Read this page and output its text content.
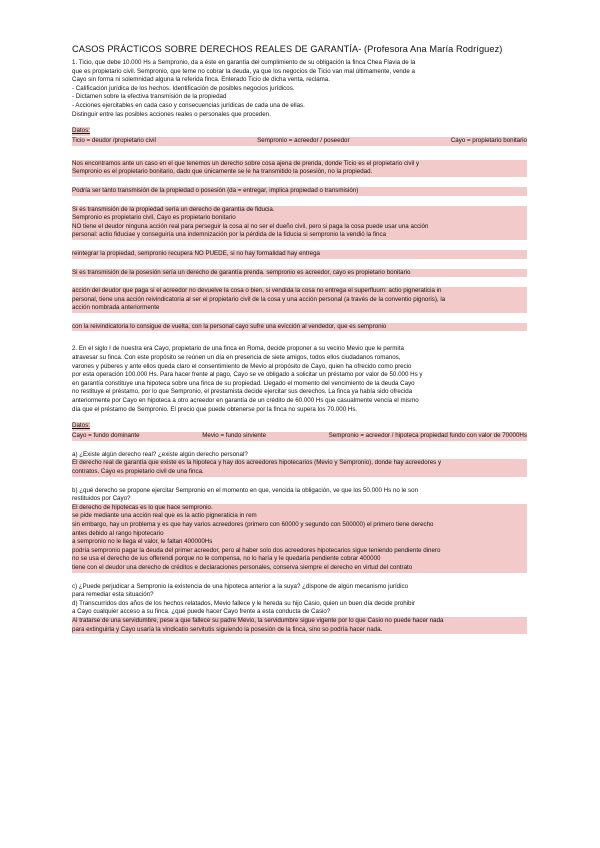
CASOS PRÁCTICOS SOBRE DERECHOS REALES DE GARANTÍA- (Profesora Ana María Rodríguez)

1. Ticio, que debe 10.000 Hs a Sempronio, da a éste en garantía del cumplimiento de su obligación la finca Chea Flavia de la

que es propietario civil. Sempronio, que teme no cobrar la deuda, ya que los negocios de Ticio van mal últimamente, vende a

Cayo sin forma ni solemnidad alguna la referida finca. Enterado Ticio de dicha venta, reclama.

- Calificación jurídica de los hechos. Identificación de posibles negocios jurídicos.

- Dictamen sobre la efectiva transmisión de la propiedad

- Acciones ejercitables en cada caso y consecuencias jurídicas de cada una de ellas.

Distinguir entre las posibles acciones reales o personales que proceden.

Datos:
Ticio = deudor /propietario civil	Sempronio = acreedor / poseedor	Cayo = propietario bonitario

Nos encontramos ante un caso en el que tenemos un derecho sobre cosa ajena de prenda, donde Ticio es el propietario civil y

Sempronio es el propietario bonitario, dado que únicamente se le ha transmitido la posesión, no la propiedad.

Podría ser tanto transmisión de la propiedad o posesión (da = entregar, implica propiedad o transmisión)

Si es transmisión de la propiedad sería un derecho de garantía de fiducia.

Sempronio es propietario civil, Cayo es propietario bonitario

NO tiene el deudor ninguna acción real para perseguir la cosa al no ser el dueño civil, pero si paga la cosa puede usar una acción

personal: actio fiduciae y conseguiría una indemnización por la pérdida de la fiducia si sempronio la vendió la finca

reintegrar la propiedad, sempronio recupera NO PUEDE, si no hay formalidad hay entrega

Si es transmisión de la posesión sería un derecho de garantía prenda. sempronio es acreedor, cayo es propietario bonitario

acción del deudor que paga si el acreedor no devuelve la cosa o bien, si vendida la cosa no entrega el superfluum: actio pigneraticia in

personal, tiene una acción reivindicatoria al ser el propietario civil de la cosa y una acción personal (a través de la conventio pignoris), la

acción nombrada anteriormente

con la reivindicatoria lo consigue de vuelta, con la personal cayo sufre una evicción al vendedor, que es sempronio

2. En el siglo I de nuestra era Cayo, propietario de una finca en Roma, decide proponer a su vecino Mevio que le permita

atravesar su finca. Con este propósito se reúnen un día en presencia de siete amigos, todos ellos ciudadanos romanos,

varones y púberes y ante ellos queda claro el consentimiento de Mevio al propósito de Cayo, quien ha ofrecido como precio

por esta operación 100.000 Hs. Para hacer frente al pago, Cayo se ve obligado a solicitar un préstamo por valor de 50.000 Hs y

en garantía constituye una hipoteca sobre una finca de su propiedad. Llegado el momento del vencimiento de la deuda Cayo

no restituye el préstamo, por lo que Sempronio, el prestamista decide ejercitar sus derechos. La finca ya había sido ofrecida

anteriormente por Cayo en hipoteca a otro acreedor en garantía de un crédito de 60.000 Hs que casualmente vencía el mismo

día que el préstamo de Sempronio. El precio que puede obtenerse por la finca no supera los 70.000 Hs.

Datos:
Cayo = fundo dominante	Mevio = fundo sirviente	Sempronio = acreedor / hipoteca propiedad fundo con valor de 70000Hs

a) ¿Existe algún derecho real? ¿existe algún derecho personal?

El derecho real de garantía que existe es la hipoteca y hay dos acreedores hipotecarios (Mevio y Sempronio), donde hay acreedores y

contratos. Cayo es propietario civil de una finca.

b) ¿qué derecho se propone ejercitar Sempronio en el momento en que, vencida la obligación, ve que los 50.000 Hs no le son

restituidos por Cayo?

El derecho de hipotecas es lo que hace sempronio.

se pide mediante una acción real que es la actio pigneraticia in rem

sin embargo, hay un problema y es que hay varios acreedores (primero con 60000 y segundo con 500000) el primero tiene derecho

antes debido al rango hipotecario

a sempronio no le llega el valor, le faltan 400000Hs

podría sempronio pagar la deuda del primer acreedor, pero al haber solo dos acreedores hipotecarios sigue teniendo pendiente dinero

no se usa el derecho de ius offerendi porque no le compensa, no lo haría y le quedaría pendiente cobrar 400000

tiene con el deudor una derecho de créditos e declaraciones personales, conserva siempre el derecho en virtud del contrato

c) ¿Puede perjudicar a Sempronio la existencia de una hipoteca anterior a la suya? ¿dispone de algún mecanismo jurídico

para remediar esta situación?

d) Transcurridos dos años de los hechos relatados, Mevio fallece y le hereda su hijo Casio, quien un buen día decide prohibir

a Cayo cualquier acceso a su finca. ¿qué puede hacer Cayo frente a esta conducta de Casio?

Al tratarse de una servidumbre, pese a que fallece su padre Mevio, la servidumbre sigue vigente por lo que Casio no puede hacer nada

para extinguirla y Cayo usaría la vindicatio servitutis siguiendo la posesión de la finca, sino so podría hacer nada.
